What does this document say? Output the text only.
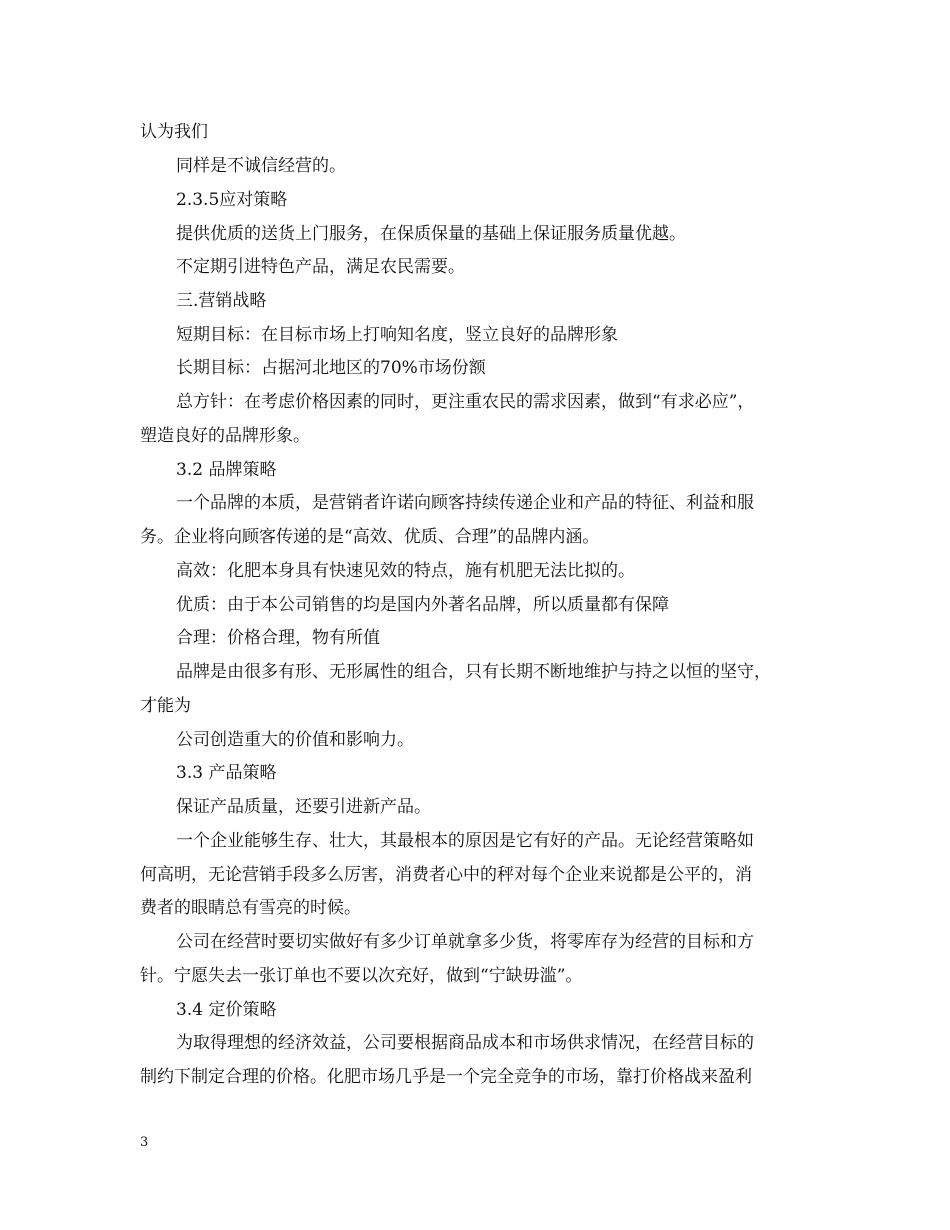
认为我们
同样是不诚信经营的。
2.3.5应对策略
提供优质的送货上门服务，在保质保量的基础上保证服务质量优越。
不定期引进特色产品，满足农民需要。
三.营销战略
短期目标：在目标市场上打响知名度，竖立良好的品牌形象
长期目标：占据河北地区的70%市场份额
总方针：在考虑价格因素的同时，更注重农民的需求因素，做到“有求必应”，
塑造良好的品牌形象。
3.2 品牌策略
一个品牌的本质，是营销者许诺向顾客持续传递企业和产品的特征、利益和服
务。企业将向顾客传递的是“高效、优质、合理”的品牌内涵。
高效：化肥本身具有快速见效的特点，施有机肥无法比拟的。
优质：由于本公司销售的均是国内外著名品牌，所以质量都有保障
合理：价格合理，物有所值
品牌是由很多有形、无形属性的组合，只有长期不断地维护与持之以恒的坚守，
才能为
公司创造重大的价值和影响力。
3.3 产品策略
保证产品质量，还要引进新产品。
一个企业能够生存、壮大，其最根本的原因是它有好的产品。无论经营策略如
何高明，无论营销手段多么厉害，消费者心中的秤对每个企业来说都是公平的，消
费者的眼睛总有雪亮的时候。
公司在经营时要切实做好有多少订单就拿多少货，将零库存为经营的目标和方
针。宁愿失去一张订单也不要以次充好，做到“宁缺毋滥”。
3.4 定价策略
为取得理想的经济效益，公司要根据商品成本和市场供求情况，在经营目标的
制约下制定合理的价格。化肥市场几乎是一个完全竞争的市场，靠打价格战来盈利
3
